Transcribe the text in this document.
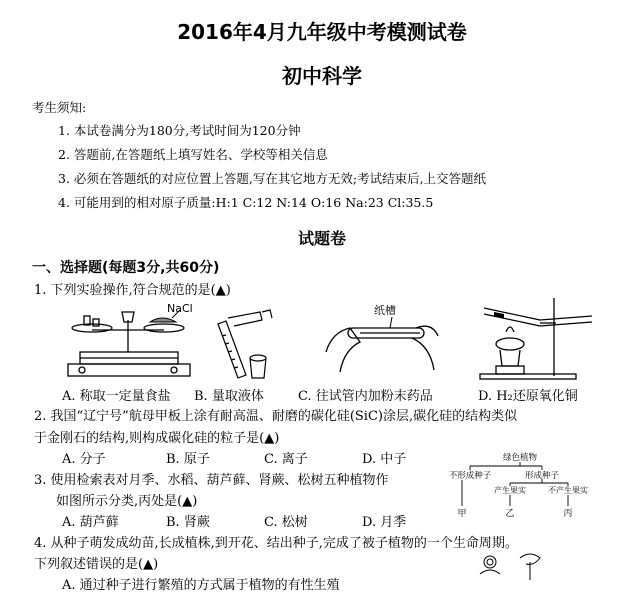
2016年4月九年级中考模测试卷
初中科学
考生须知:
1. 本试卷满分为180分,考试时间为120分钟
2. 答题前,在答题纸上填写姓名、学校等相关信息
3. 必须在答题纸的对应位置上答题,写在其它地方无效;考试结束后,上交答题纸
4. 可能用到的相对原子质量:H:1 C:12 N:14 O:16 Na:23 Cl:35.5
试题卷
一、选择题(每题3分,共60分)
1. 下列实验操作,符合规范的是(▲)
NaCl	纸槽
A. 称取一定量食盐 B. 量取液体	C. 往试管内加粉末药品	D. H₂还原氧化铜
2. 我国“辽宁号”航母甲板上涂有耐高温、耐磨的碳化硅(SiC)涂层,碳化硅的结构类似
于金刚石的结构,则构成碳化硅的粒子是(▲)
A. 分子	B. 原子	C. 离子	D. 中子
3. 使用检索表对月季、水稻、葫芦藓、肾蕨、松树五种植物作
如图所示分类,丙处是(▲)
A. 葫芦藓	B. 肾蕨	C. 松树	D. 月季
绿色植物
不形成种子	形成种子
产生果实	不产生果实
甲	乙	丙
4. 从种子萌发成幼苗,长成植株,到开花、结出种子,完成了被子植物的一个生命周期。
下列叙述错误的是(▲)
A. 通过种子进行繁殖的方式属于植物的有性生殖
